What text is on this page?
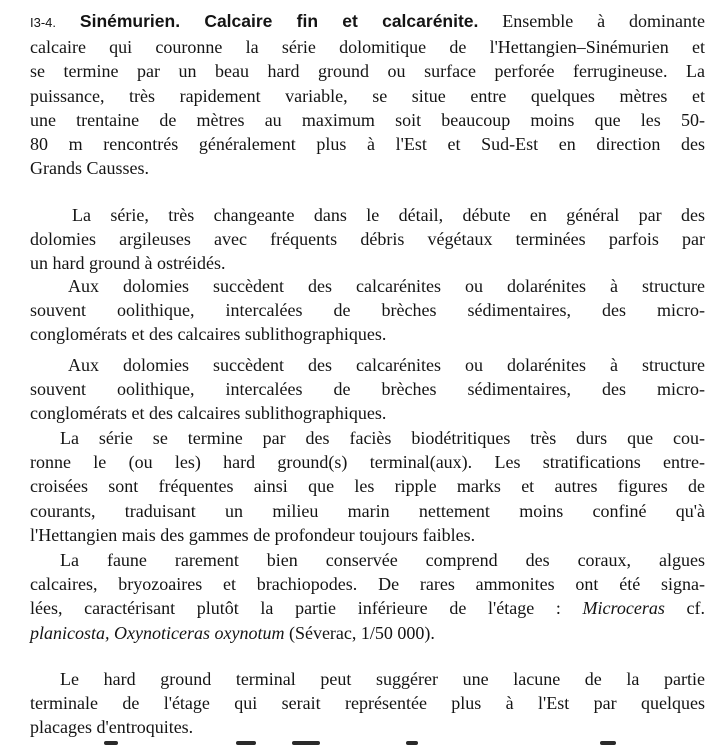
I3-4. Sinémurien. Calcaire fin et calcarénite. Ensemble à dominante
calcaire qui couronne la série dolomitique de l'Hettangien–Sinémurien et
se termine par un beau hard ground ou surface perforée ferrugineuse. La
puissance, très rapidement variable, se situe entre quelques mètres et
une trentaine de mètres au maximum soit beaucoup moins que les 50-
80 m rencontrés généralement plus à l'Est et Sud-Est en direction des
Grands Causses.
La série, très changeante dans le détail, débute en général par des
dolomies argileuses avec fréquents débris végétaux terminées parfois par
un hard ground à ostréidés.
Aux dolomies succèdent des calcarénites ou dolarénites à structure
souvent oolithique, intercalées de brèches sédimentaires, des micro-
conglomérats et des calcaires sublithographiques.
Aux dolomies succèdent des calcarénites ou dolarénites à structure
souvent oolithique, intercalées de brèches sédimentaires, des micro-
conglomérats et des calcaires sublithographiques.
La série se termine par des faciès biodétritiques très durs que cou-
ronne le (ou les) hard ground(s) terminal(aux). Les stratifications entre-
croisées sont fréquentes ainsi que les ripple marks et autres figures de
courants, traduisant un milieu marin nettement moins confiné qu'à
l'Hettangien mais des gammes de profondeur toujours faibles.
La faune rarement bien conservée comprend des coraux, algues
calcaires, bryozoaires et brachiopodes. De rares ammonites ont été signa-
lées, caractérisant plutôt la partie inférieure de l'étage : Microceras cf.
planicosta, Oxynoticeras oxynotum (Séverac, 1/50 000).
Le hard ground terminal peut suggérer une lacune de la partie
terminale de l'étage qui serait représentée plus à l'Est par quelques
placages d'entroquites.
